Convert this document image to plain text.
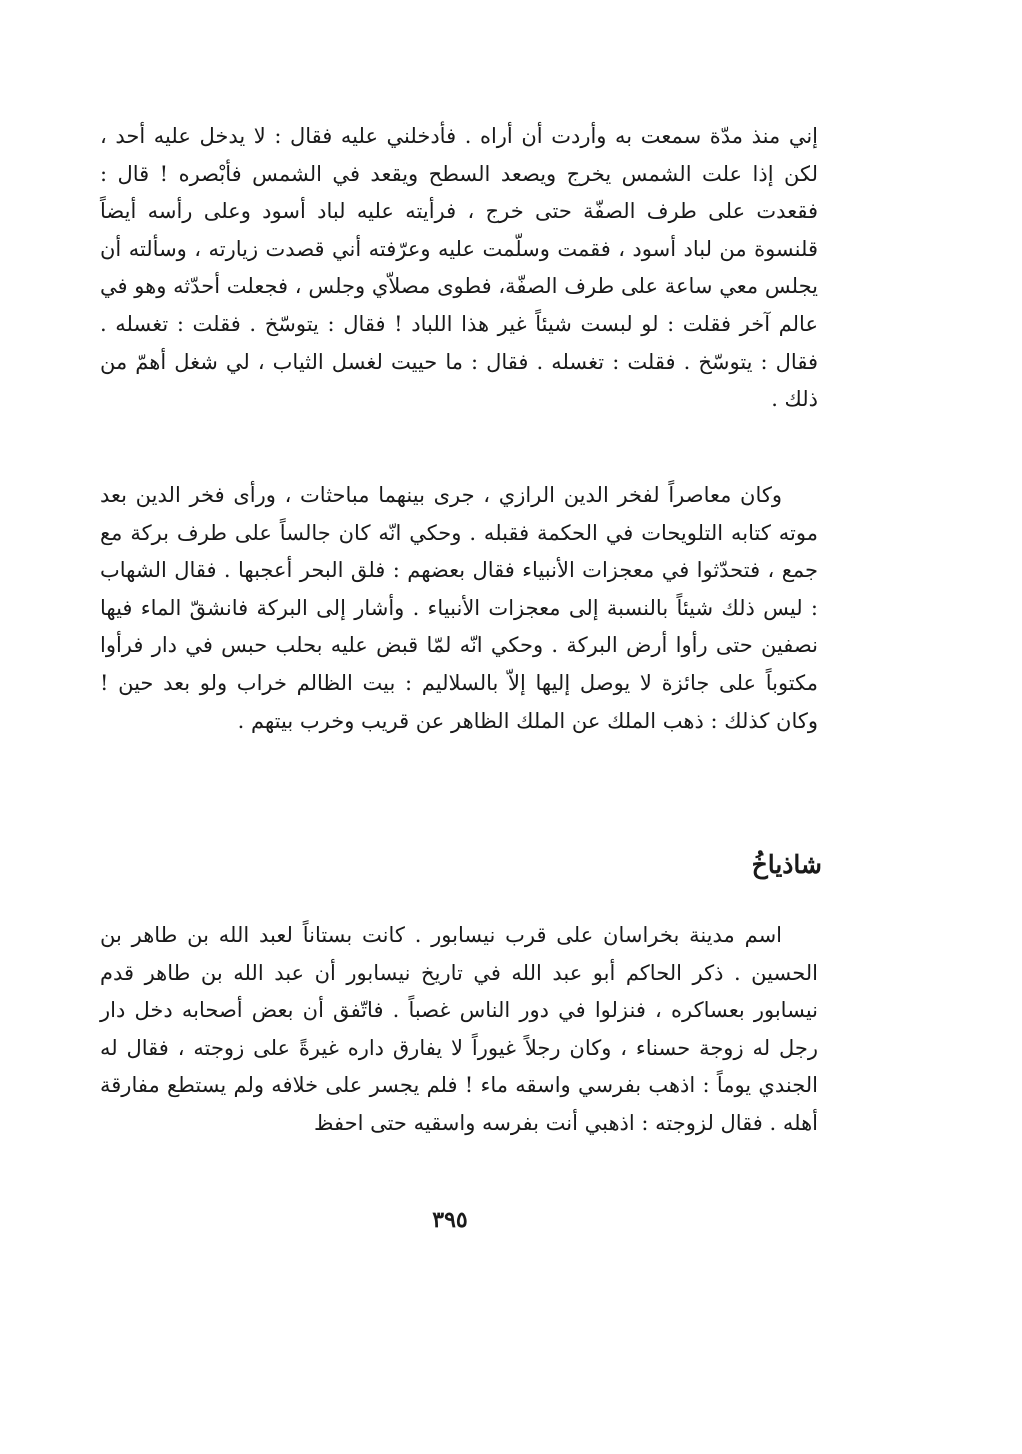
إني منذ مدّة سمعت به وأردت أن أراه . فأدخلني عليه فقال : لا يدخل عليه أحد ، لكن إذا علت الشمس يخرج ويصعد السطح ويقعد في الشمس فأبْصره ! قال : فقعدت على طرف الصفّة حتى خرج ، فرأيته عليه لباد أسود وعلى رأسه أيضاً قلنسوة من لباد أسود ، فقمت وسلّمت عليه وعرّفته أني قصدت زيارته ، وسألته أن يجلس معي ساعة على طرف الصفّة، فطوى مصلاّي وجلس ، فجعلت أحدّثه وهو في عالم آخر فقلت : لو لبست شيئاً غير هذا اللباد ! فقال : يتوسّخ . فقلت : تغسله . فقال : يتوسّخ . فقلت : تغسله . فقال : ما حييت لغسل الثياب ، لي شغل أهمّ من ذلك .

وكان معاصراً لفخر الدين الرازي ، جرى بينهما مباحثات ، ورأى فخر الدين بعد موته كتابه التلويحات في الحكمة فقبله . وحكي انّه كان جالساً على طرف بركة مع جمع ، فتحدّثوا في معجزات الأنبياء فقال بعضهم : فلق البحر أعجبها . فقال الشهاب : ليس ذلك شيئاً بالنسبة إلى معجزات الأنبياء . وأشار إلى البركة فانشقّ الماء فيها نصفين حتى رأوا أرض البركة . وحكي انّه لمّا قبض عليه بحلب حبس في دار فرأوا مكتوباً على جائزة لا يوصل إليها إلاّ بالسلاليم : بيت الظالم خراب ولو بعد حين ! وكان كذلك : ذهب الملك عن الملك الظاهر عن قريب وخرب بيتهم .

شاذياخُ

اسم مدينة بخراسان على قرب نيسابور . كانت بستاناً لعبد الله بن طاهر بن الحسين . ذكر الحاكم أبو عبد الله في تاريخ نيسابور أن عبد الله بن طاهر قدم نيسابور بعساكره ، فنزلوا في دور الناس غصباً . فاتّفق أن بعض أصحابه دخل دار رجل له زوجة حسناء ، وكان رجلاً غيوراً لا يفارق داره غيرةً على زوجته ، فقال له الجندي يوماً : اذهب بفرسي واسقه ماء ! فلم يجسر على خلافه ولم يستطع مفارقة أهله . فقال لزوجته : اذهبي أنت بفرسه واسقيه حتى احفظ

٣٩٥
